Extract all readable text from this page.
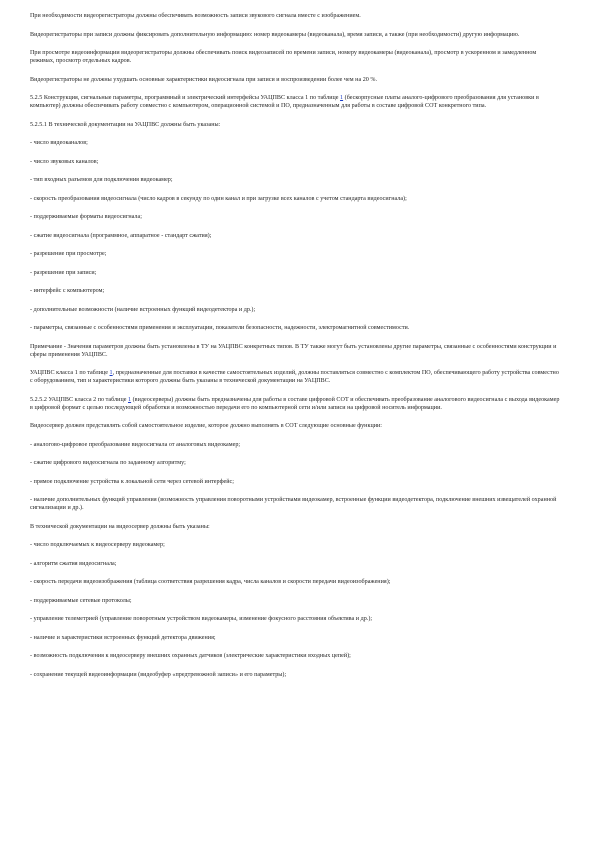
При необходимости видеорегистраторы должны обеспечивать возможность записи звукового сигнала вместе с изображением.

Видеорегистраторы при записи должны фиксировать дополнительную информацию: номер видеокамеры (видеоканала), время записи, а также (при необходимости) другую информацию.

При просмотре видеоинформации видеорегистраторы должны обеспечивать поиск видеозаписей по времени записи, номеру видеокамеры (видеоканала), просмотр в ускоренном и замедленном режимах, просмотр отдельных кадров.

Видеорегистраторы не должны ухудшать основные характеристики видеосигнала при записи и воспроизведении более чем на 20 %.

5.2.5 Конструкция, сигнальные параметры, программный и электрический интерфейсы УАЦПВС класса 1 по таблице 1 (бескорпусные платы аналого-цифрового преобразования для установки в компьютер) должны обеспечивать работу совместно с компьютером, операционной системой и ПО, предназначенным для работы в составе цифровой СОТ конкретного типа.

5.2.5.1 В технической документации на УАЦПВС должны быть указаны:

- число видеоканалов;

- число звуковых каналов;

- тип входных разъемов для подключения видеокамер;

- скорость преобразования видеосигнала (число кадров в секунду по один канал и при загрузке всех каналов с учетом стандарта видеосигнала);

- поддерживаемые форматы видеосигнала;

- сжатие видеосигнала (программное, аппаратное - стандарт сжатия);

- разрешение при просмотре;

- разрешение при записи;

- интерфейс с компьютером;

- дополнительные возможности (наличие встроенных функций видеодетектора и др.);

- параметры, связанные с особенностями применения и эксплуатации, показатели безопасности, надежности, электромагнитной совместимости.

Примечание - Значения параметров должны быть установлены в ТУ на УАЦПВС конкретных типов. В ТУ также могут быть установлены другие параметры, связанные с особенностями конструкции и сферы применения УАЦПВС.

УАЦПВС класса 1 по таблице 1, предназначенные для поставки в качестве самостоятельных изделий, должны поставляться совместно с комплектом ПО, обеспечивающего работу устройства совместно с оборудованием, тип и характеристики которого должны быть указаны в технической документации на УАЦПВС.

5.2.5.2 УАЦПВС класса 2 по таблице 1 (видеосерверы) должны быть предназначены для работы в составе цифровой СОТ и обеспечивать преобразование аналогового видеосигнала с выхода видеокамер в цифровой формат с целью последующей обработки и возможностью передачи его по компьютерной сети и/или записи на цифровой носитель информации.

Видеосервер должен представлять собой самостоятельное изделие, которое должно выполнять в СОТ следующие основные функции:

- аналогово-цифровое преобразование видеосигнала от аналоговых видеокамер;

- сжатие цифрового видеосигнала по заданному алгоритму;

- прямое подключение устройства к локальной сети через сетевой интерфейс;

- наличие дополнительных функций управления (возможность управления поворотными устройствами видеокамер, встроенные функции видеодетектора, подключение внешних извещателей охранной сигнализации и др.).

В технической документации на видеосервер должны быть указаны:

- число подключаемых к видеосерверу видеокамер;

- алгоритм сжатия видеосигнала;

- скорость передачи видеоизображения (таблица соответствия разрешения кадра, числа каналов и скорости передачи видеоизображения);

- поддерживаемые сетевые протоколы;

- управление телеметрией (управление поворотным устройством видеокамеры, изменение фокусного расстояния объектива и др.);

- наличие и характеристики встроенных функций детектора движения;

- возможность подключения к видеосерверу внешних охранных датчиков (электрические характеристики входных цепей);

- сохранение текущей видеоинформации (видеобуфер «предтревожной записи» и его параметры);
